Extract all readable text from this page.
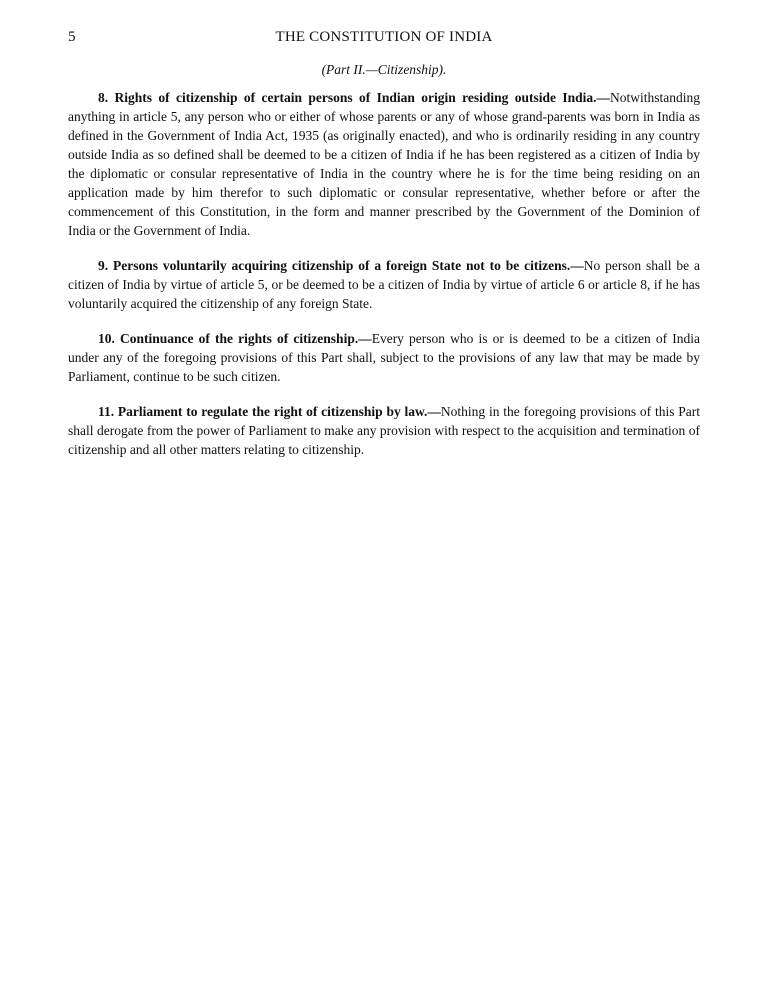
5	THE CONSTITUTION OF INDIA
(Part II.—Citizenship).

8. Rights of citizenship of certain persons of Indian origin residing outside India.—Notwithstanding anything in article 5, any person who or either of whose parents or any of whose grand-parents was born in India as defined in the Government of India Act, 1935 (as originally enacted), and who is ordinarily residing in any country outside India as so defined shall be deemed to be a citizen of India if he has been registered as a citizen of India by the diplomatic or consular representative of India in the country where he is for the time being residing on an application made by him therefor to such diplomatic or consular representative, whether before or after the commencement of this Constitution, in the form and manner prescribed by the Government of the Dominion of India or the Government of India.

9. Persons voluntarily acquiring citizenship of a foreign State not to be citizens.—No person shall be a citizen of India by virtue of article 5, or be deemed to be a citizen of India by virtue of article 6 or article 8, if he has voluntarily acquired the citizenship of any foreign State.

10. Continuance of the rights of citizenship.—Every person who is or is deemed to be a citizen of India under any of the foregoing provisions of this Part shall, subject to the provisions of any law that may be made by Parliament, continue to be such citizen.

11. Parliament to regulate the right of citizenship by law.—Nothing in the foregoing provisions of this Part shall derogate from the power of Parliament to make any provision with respect to the acquisition and termination of citizenship and all other matters relating to citizenship.
